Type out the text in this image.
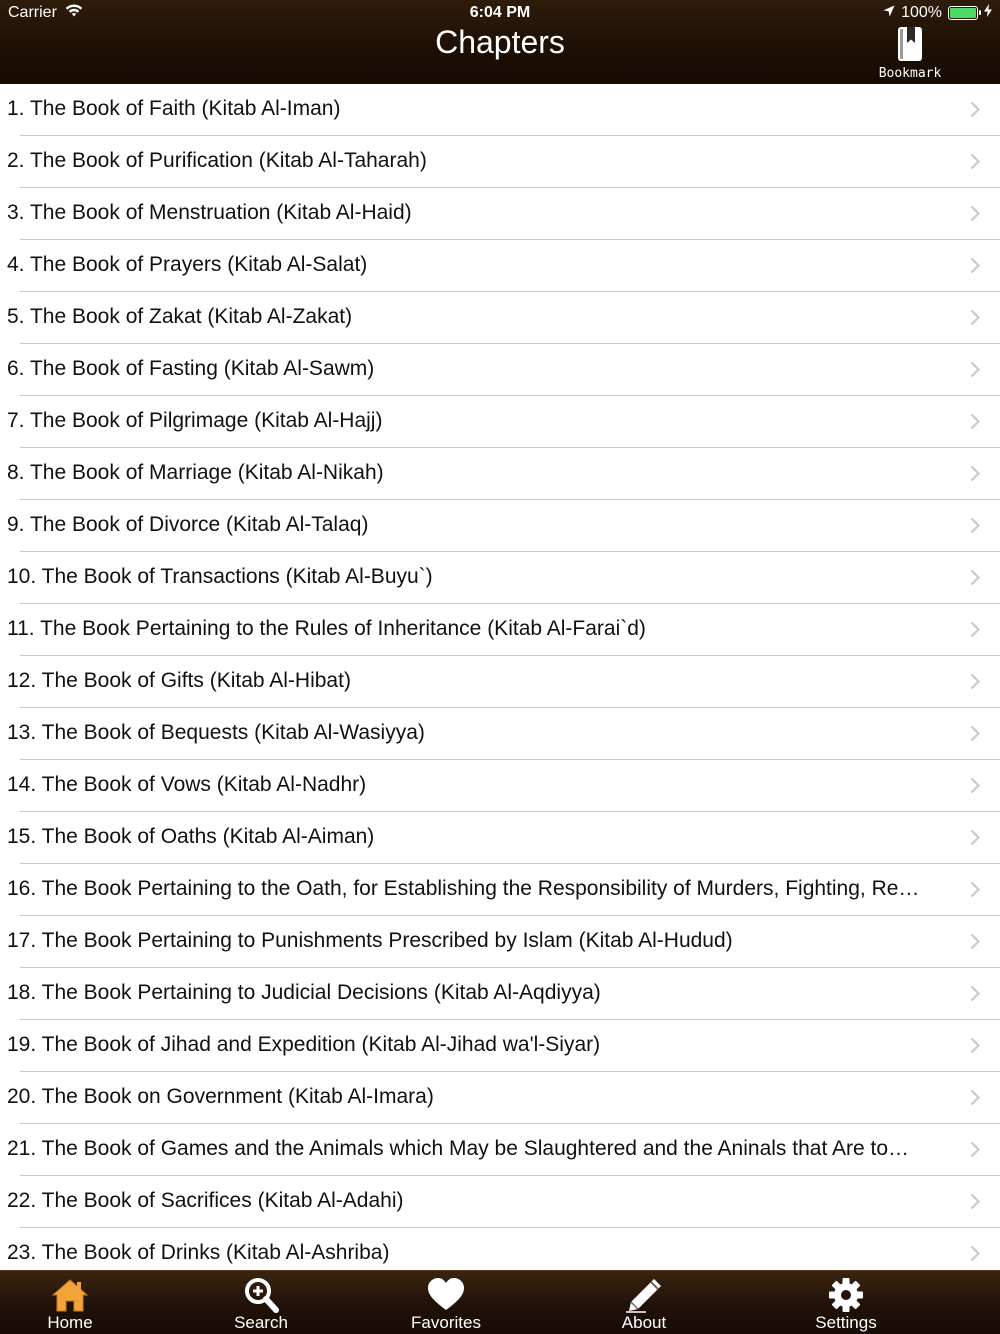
Carrier	6:04 PM	100%
Chapters
Bookmark
1. The Book of Faith (Kitab Al-Iman)
2. The Book of Purification (Kitab Al-Taharah)
3. The Book of Menstruation (Kitab Al-Haid)
4. The Book of Prayers (Kitab Al-Salat)
5. The Book of Zakat (Kitab Al-Zakat)
6. The Book of Fasting (Kitab Al-Sawm)
7. The Book of Pilgrimage (Kitab Al-Hajj)
8. The Book of Marriage (Kitab Al-Nikah)
9. The Book of Divorce (Kitab Al-Talaq)
10. The Book of Transactions (Kitab Al-Buyu`)
11. The Book Pertaining to the Rules of Inheritance (Kitab Al-Farai`d)
12. The Book of Gifts (Kitab Al-Hibat)
13. The Book of Bequests (Kitab Al-Wasiyya)
14. The Book of Vows (Kitab Al-Nadhr)
15. The Book of Oaths (Kitab Al-Aiman)
16. The Book Pertaining to the Oath, for Establishing the Responsibility of Murders, Fighting, Re…
17. The Book Pertaining to Punishments Prescribed by Islam (Kitab Al-Hudud)
18. The Book Pertaining to Judicial Decisions (Kitab Al-Aqdiyya)
19. The Book of Jihad and Expedition (Kitab Al-Jihad wa'l-Siyar)
20. The Book on Government (Kitab Al-Imara)
21. The Book of Games and the Animals which May be Slaughtered and the Aninals that Are to…
22. The Book of Sacrifices (Kitab Al-Adahi)
23. The Book of Drinks (Kitab Al-Ashriba)
Home	Search	Favorites	About	Settings
